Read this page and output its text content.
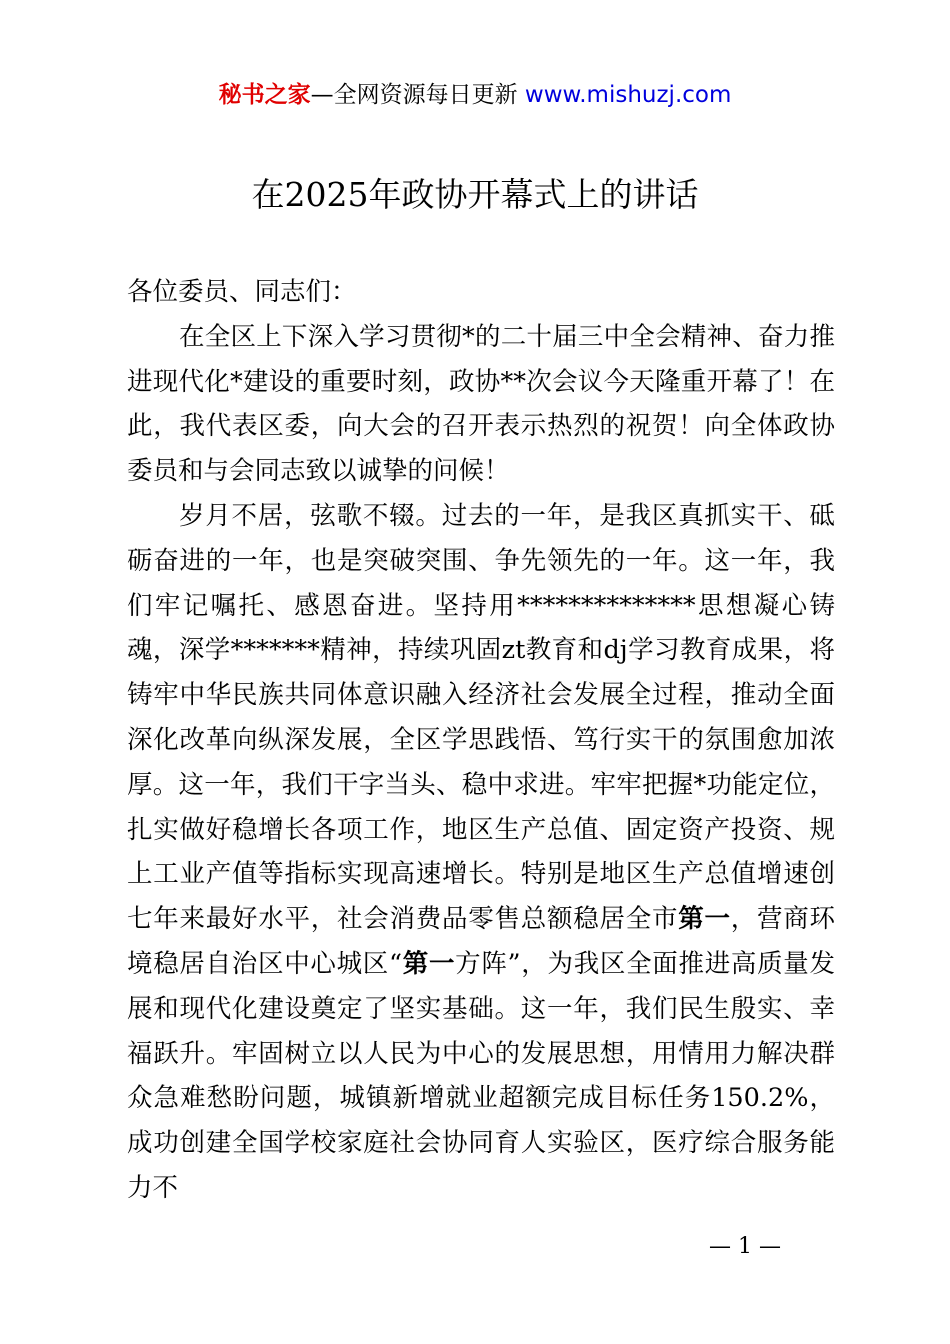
秘书之家—全网资源每日更新 www.mishuzj.com
在2025年政协开幕式上的讲话

各位委员、同志们：

在全区上下深入学习贯彻*的二十届三中全会精神、奋力推进现代化*建设的重要时刻，政协**次会议今天隆重开幕了！在此，我代表区委，向大会的召开表示热烈的祝贺！向全体政协委员和与会同志致以诚挚的问候！

岁月不居，弦歌不辍。过去的一年，是我区真抓实干、砥砺奋进的一年，也是突破突围、争先领先的一年。这一年，我们牢记嘱托、感恩奋进。坚持用**************思想凝心铸魂，深学*******精神，持续巩固zt教育和dj学习教育成果，将铸牢中华民族共同体意识融入经济社会发展全过程，推动全面深化改革向纵深发展，全区学思践悟、笃行实干的氛围愈加浓厚。这一年，我们干字当头、稳中求进。牢牢把握*功能定位，扎实做好稳增长各项工作，地区生产总值、固定资产投资、规上工业产值等指标实现高速增长。特别是地区生产总值增速创七年来最好水平，社会消费品零售总额稳居全市第一，营商环境稳居自治区中心城区“第一方阵”，为我区全面推进高质量发展和现代化建设奠定了坚实基础。这一年，我们民生殷实、幸福跃升。牢固树立以人民为中心的发展思想，用情用力解决群众急难愁盼问题，城镇新增就业超额完成目标任务150.2%，成功创建全国学校家庭社会协同育人实验区，医疗综合服务能力不

— 1 —
